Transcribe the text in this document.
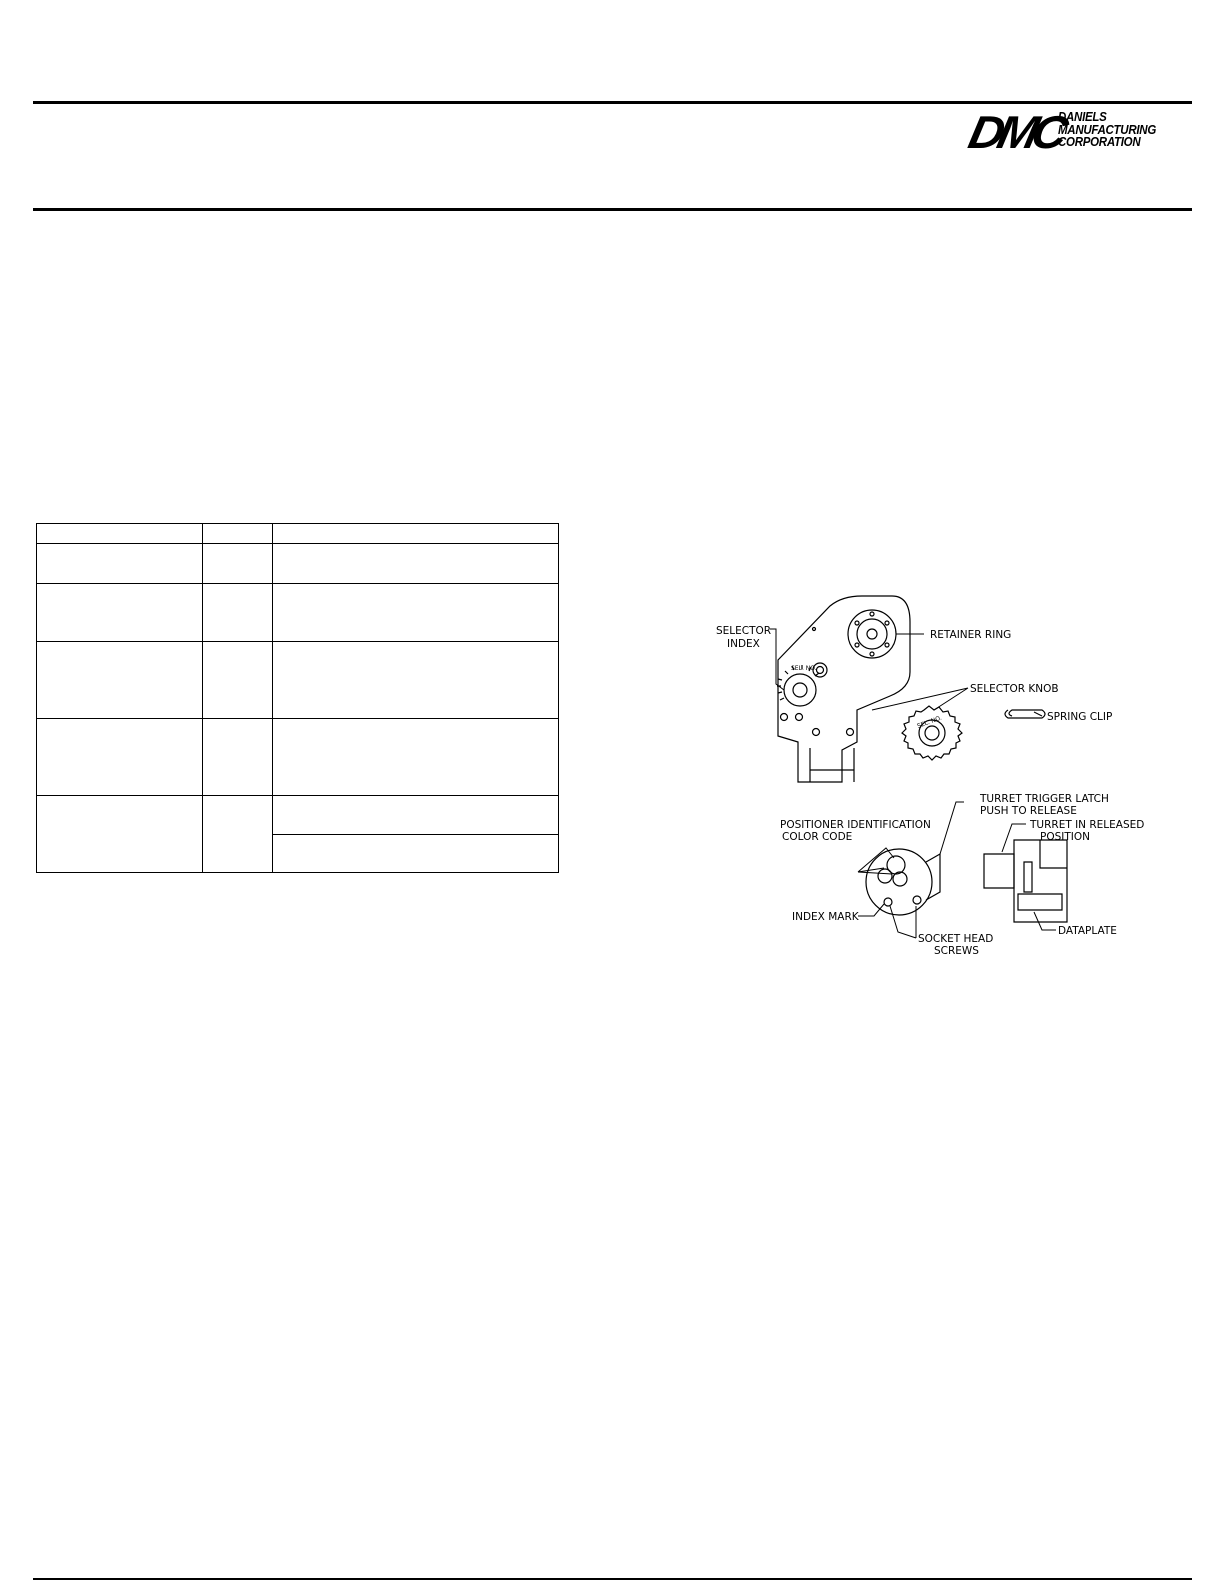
DMC
DANIELS
MANUFACTURING
CORPORATION

SEL. NO.
SEL. NO.
SELECTOR
INDEX
RETAINER RING
SELECTOR KNOB
SPRING CLIP
TURRET TRIGGER LATCH
PUSH TO RELEASE
TURRET IN RELEASED
POSITION
POSITIONER IDENTIFICATION
COLOR CODE
INDEX MARK
SOCKET HEAD
SCREWS
DATAPLATE
